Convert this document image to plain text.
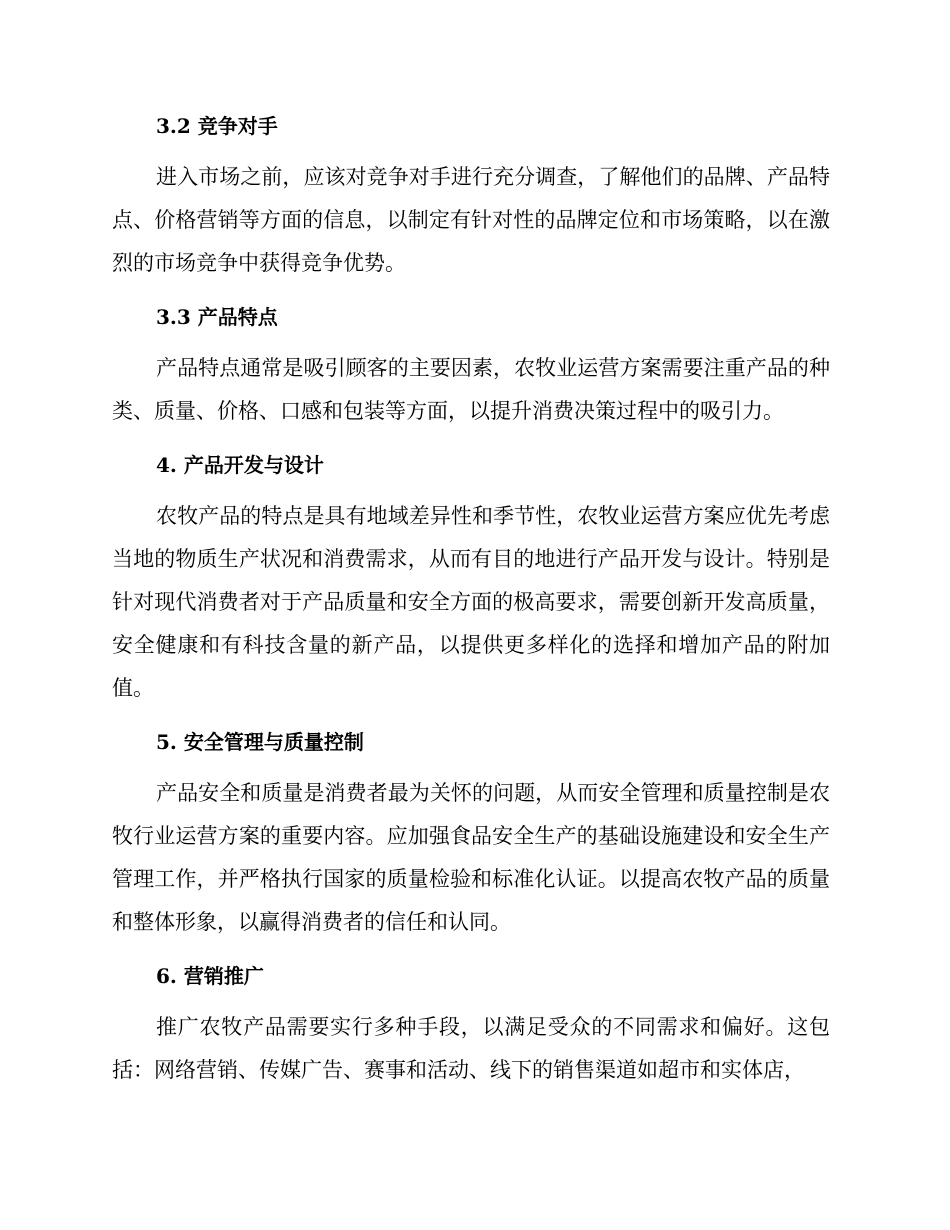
3.2 竞争对手

进入市场之前，应该对竞争对手进行充分调查，了解他们的品牌、产品特点、价格营销等方面的信息，以制定有针对性的品牌定位和市场策略，以在激烈的市场竞争中获得竞争优势。

3.3 产品特点

产品特点通常是吸引顾客的主要因素，农牧业运营方案需要注重产品的种类、质量、价格、口感和包装等方面，以提升消费决策过程中的吸引力。

4. 产品开发与设计

农牧产品的特点是具有地域差异性和季节性，农牧业运营方案应优先考虑当地的物质生产状况和消费需求，从而有目的地进行产品开发与设计。特别是针对现代消费者对于产品质量和安全方面的极高要求，需要创新开发高质量，安全健康和有科技含量的新产品，以提供更多样化的选择和增加产品的附加值。

5. 安全管理与质量控制

产品安全和质量是消费者最为关怀的问题，从而安全管理和质量控制是农牧行业运营方案的重要内容。应加强食品安全生产的基础设施建设和安全生产管理工作，并严格执行国家的质量检验和标准化认证。以提高农牧产品的质量和整体形象，以赢得消费者的信任和认同。

6. 营销推广

推广农牧产品需要实行多种手段，以满足受众的不同需求和偏好。这包括：网络营销、传媒广告、赛事和活动、线下的销售渠道如超市和实体店，
